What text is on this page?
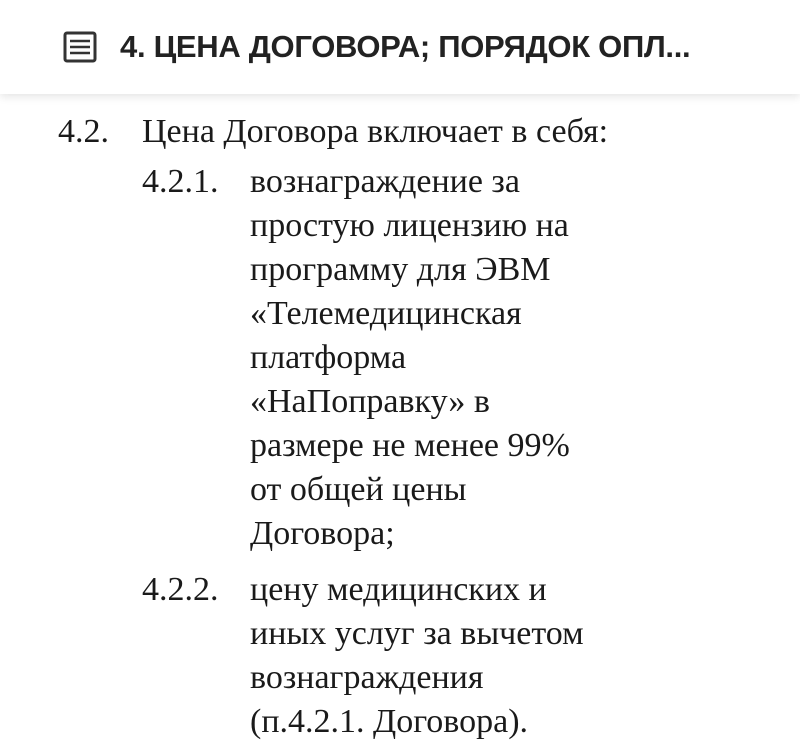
4. ЦЕНА ДОГОВОРА; ПОРЯДОК ОПЛ...
4.2. Цена Договора включает в себя:
4.2.1. вознаграждение за
простую лицензию на
программу для ЭВМ
«Телемедицинская
платформа
«НаПоправку» в
размере не менее 99%
от общей цены
Договора;
4.2.2. цену медицинских и
иных услуг за вычетом
вознаграждения
(п.4.2.1. Договора).
